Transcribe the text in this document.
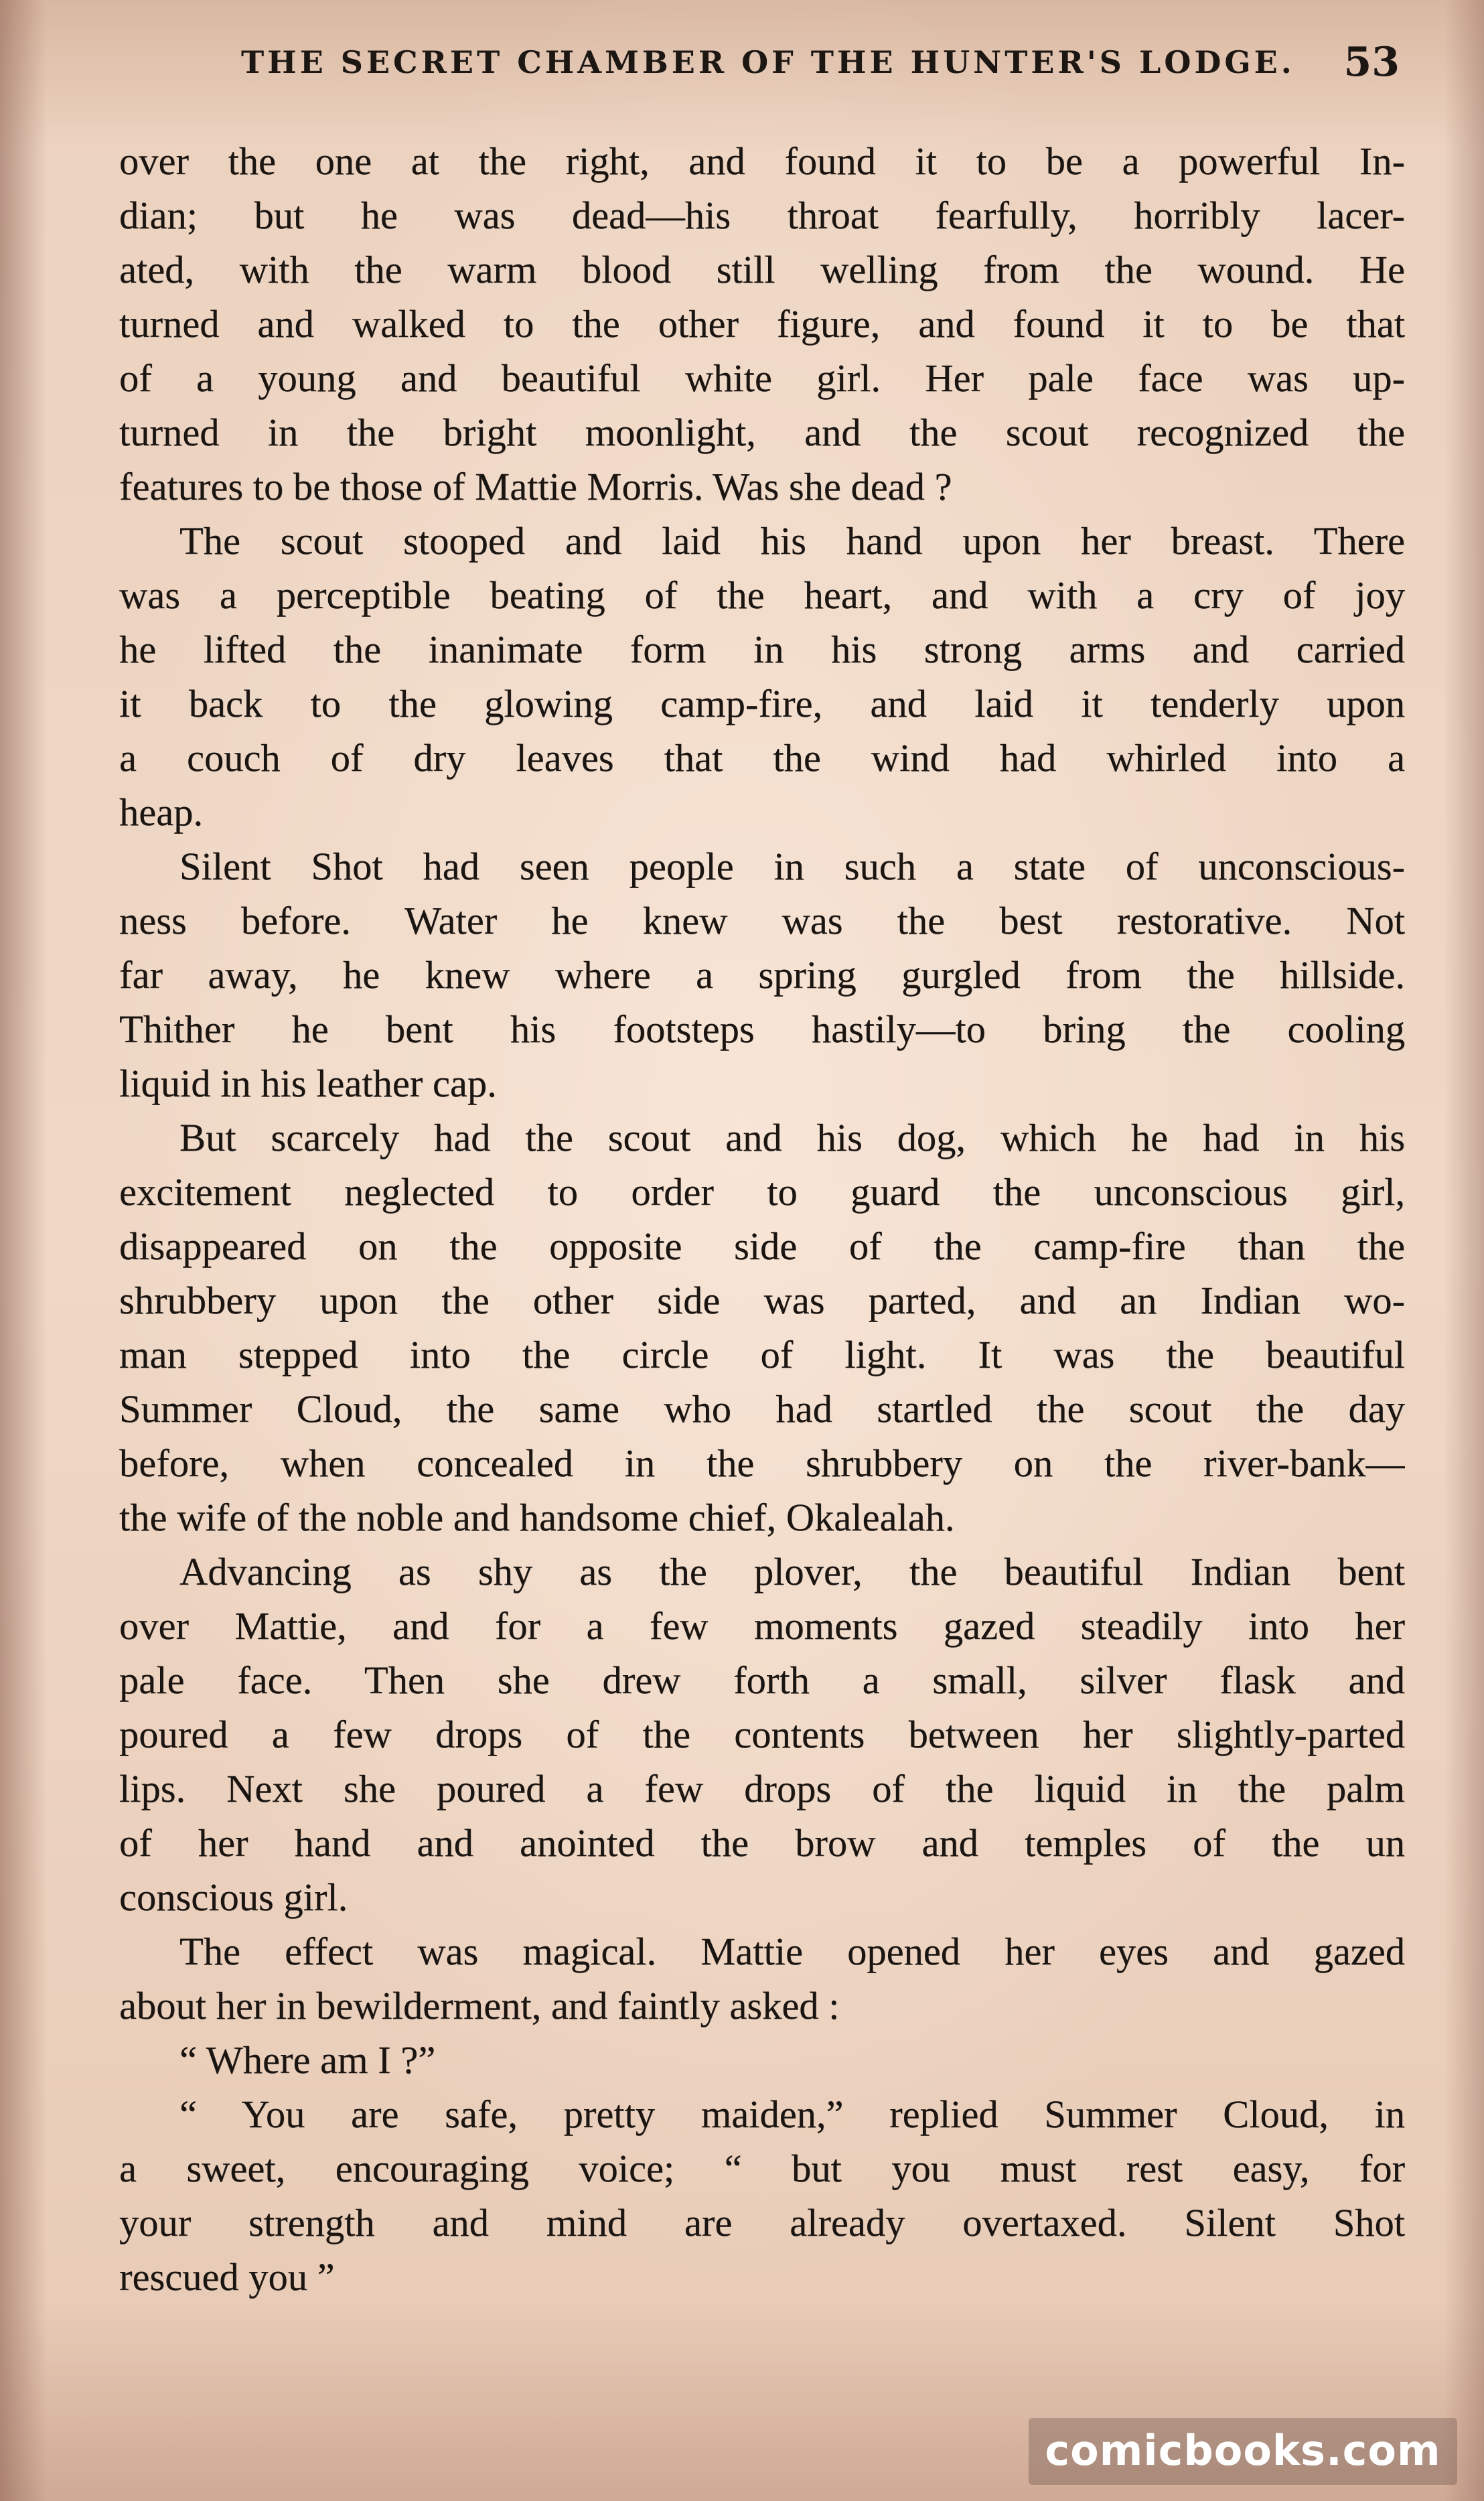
THE SECRET CHAMBER OF THE HUNTER'S LODGE. 53

over the one at the right, and found it to be a powerful In-
dian; but he was dead—his throat fearfully, horribly lacer-
ated, with the warm blood still welling from the wound. He
turned and walked to the other figure, and found it to be that
of a young and beautiful white girl. Her pale face was up-
turned in the bright moonlight, and the scout recognized the
features to be those of Mattie Morris. Was she dead ?

The scout stooped and laid his hand upon her breast. There
was a perceptible beating of the heart, and with a cry of joy
he lifted the inanimate form in his strong arms and carried
it back to the glowing camp-fire, and laid it tenderly upon
a couch of dry leaves that the wind had whirled into a
heap.

Silent Shot had seen people in such a state of unconscious-
ness before. Water he knew was the best restorative. Not
far away, he knew where a spring gurgled from the hillside.
Thither he bent his footsteps hastily—to bring the cooling
liquid in his leather cap.

But scarcely had the scout and his dog, which he had in his
excitement neglected to order to guard the unconscious girl,
disappeared on the opposite side of the camp-fire than the
shrubbery upon the other side was parted, and an Indian wo-
man stepped into the circle of light. It was the beautiful
Summer Cloud, the same who had startled the scout the day
before, when concealed in the shrubbery on the river-bank—
the wife of the noble and handsome chief, Okalealah.

Advancing as shy as the plover, the beautiful Indian bent
over Mattie, and for a few moments gazed steadily into her
pale face. Then she drew forth a small, silver flask and
poured a few drops of the contents between her slightly-parted
lips. Next she poured a few drops of the liquid in the palm
of her hand and anointed the brow and temples of the un
conscious girl.

The effect was magical. Mattie opened her eyes and gazed
about her in bewilderment, and faintly asked :

“ Where am I ?”

“ You are safe, pretty maiden,” replied Summer Cloud, in
a sweet, encouraging voice; “ but you must rest easy, for
your strength and mind are already overtaxed. Silent Shot
rescued you ”

comicbooks.com
